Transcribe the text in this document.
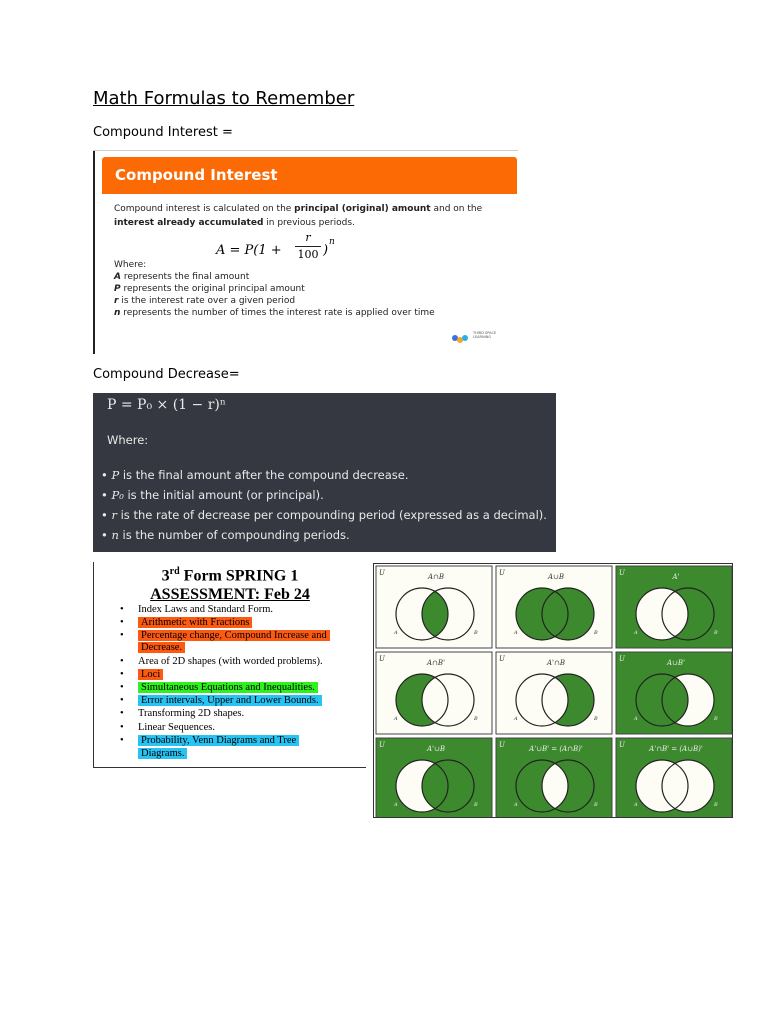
Math Formulas to Remember
Compound Interest =
Compound Interest
Compound interest is calculated on the principal (original) amount and on the
interest already accumulated in previous periods.
A = P(1 +
r
100 )
n
Where:
A represents the final amount
P represents the original principal amount
r is the interest rate over a given period
n represents the number of times the interest rate is applied over time
THIRD SPACE LEARNING
Compound Decrease=
P = P₀ × (1 − r)ⁿ
Where:
• P is the final amount after the compound decrease.
• P₀ is the initial amount (or principal).
• r is the rate of decrease per compounding period (expressed as a decimal).
• n is the number of compounding periods.
3rd Form SPRING 1
ASSESSMENT: Feb 24
• Index Laws and Standard Form.
• Arithmetic with Fractions
• Percentage change, Compound Increase and
Decrease.
• Area of 2D shapes (with worded problems).
• Loci
• Simultaneous Equations and Inequalities.
• Error intervals, Upper and Lower Bounds.
• Transforming 2D shapes.
• Linear Sequences.
• Probability, Venn Diagrams and Tree
Diagrams.
U	A∩B
A	B
U	A∪B
A	B
U	A'
A	B
U	A∩B'
A	B
U	A'∩B
A	B
U	A∪B'
A	B
U	A'∪B
A	B
U	A'∪B' = (A∩B)'
A	B
U	A'∩B' = (A∪B)'
A	B
